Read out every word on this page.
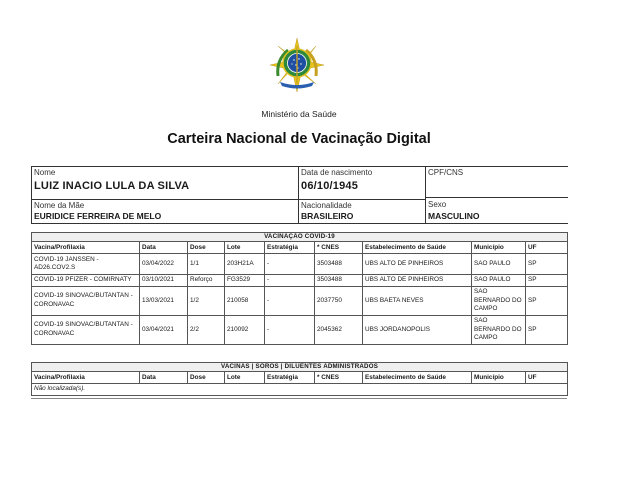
Ministério da Saúde
Carteira Nacional de Vacinação Digital
Nome
LUIZ INACIO LULA DA SILVA
Data de nascimento
06/10/1945
CPF/CNS
Nome da Mãe
EURIDICE FERREIRA DE MELO
Nacionalidade
BRASILEIRO
Sexo
MASCULINO
VACINAÇÃO COVID-19								
Vacina/Profilaxia	Data	Dose	Lote	Estratégia	* CNES	Estabelecimento de Saúde	Município	UF
COVID-19 JANSSEN - AD26.COV2.S	03/04/2022	1/1	203H21A	-	3503488	UBS ALTO DE PINHEIROS	SAO PAULO	SP
COVID-19 PFIZER - COMIRNATY	03/10/2021	Reforço	FG3529	-	3503488	UBS ALTO DE PINHEIROS	SAO PAULO	SP
COVID-19 SINOVAC/BUTANTAN - CORONAVAC	13/03/2021	1/2	210058	-	2037750	UBS BAETA NEVES	SAO BERNARDO DO CAMPO	SP
COVID-19 SINOVAC/BUTANTAN - CORONAVAC	03/04/2021	2/2	210092	-	2045362	UBS JORDANOPOLIS	SAO BERNARDO DO CAMPO	SP
VACINAS | SOROS | DILUENTES ADMINISTRADOS
Vacina/Profilaxia	Data	Dose	Lote	Estratégia	* CNES	Estabelecimento de Saúde	Município	UF
Não localizada(s).
